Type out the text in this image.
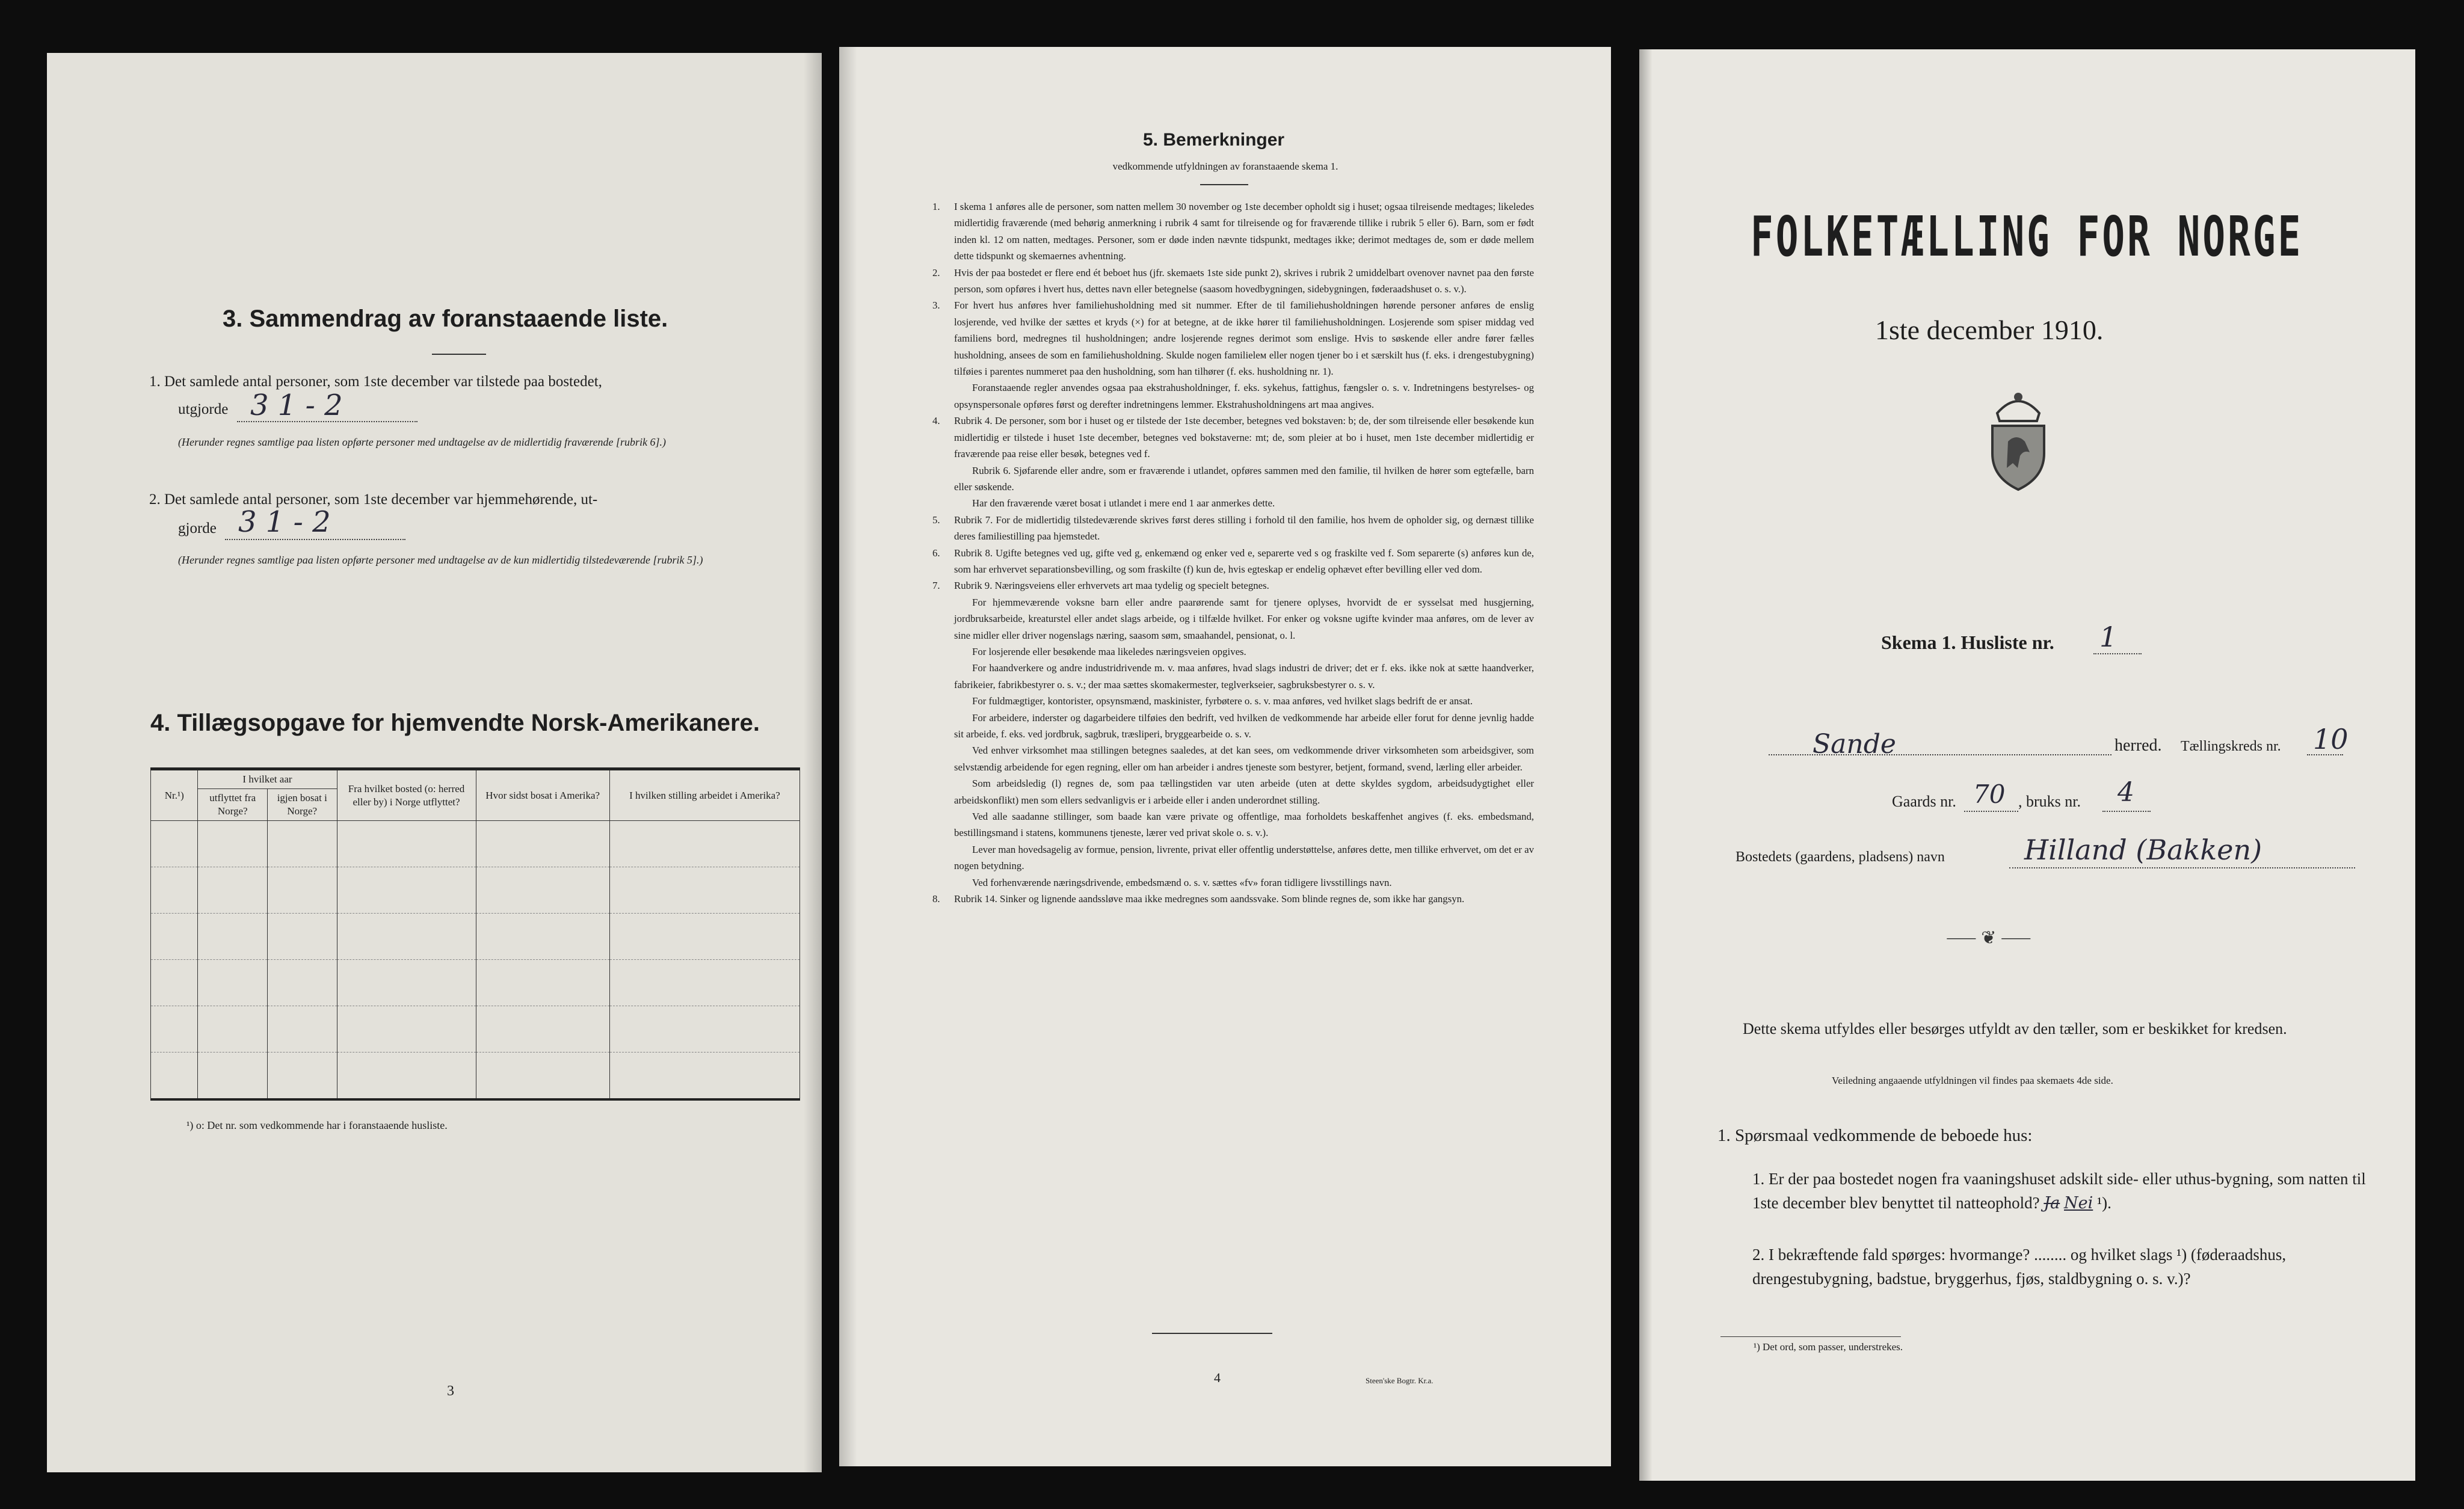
3. Sammendrag av foranstaaende liste.
1. Det samlede antal personer, som 1ste december var tilstede paa bostedet,
utgjorde 3 1 - 2
(Herunder regnes samtlige paa listen opførte personer med undtagelse av de midlertidig fraværende [rubrik 6].)
2. Det samlede antal personer, som 1ste december var hjemmehørende, ut-
gjorde 3 1 - 2
(Herunder regnes samtlige paa listen opførte personer med undtagelse av de kun midlertidig tilstedeværende [rubrik 5].)
4. Tillægsopgave for hjemvendte Norsk-Amerikanere.
Nr.¹)	I hvilket aar		Fra hvilket bosted (o: herred eller by) i Norge utflyttet?	Hvor sidst bosat i Amerika?	I hvilken stilling arbeidet i Amerika?
	utflyttet fra Norge?	igjen bosat i Norge?			

¹) o: Det nr. som vedkommende har i foranstaaende husliste.
3
5. Bemerkninger
vedkommende utfyldningen av foranstaaende skema 1.
1.	I skema 1 anføres alle de personer, som natten mellem 30 november og 1ste december opholdt sig i huset; ogsaa tilreisende medtages; likeledes midlertidig fraværende (med behørig anmerkning i rubrik 4 samt for tilreisende og for fraværende tillike i rubrik 5 eller 6). Barn, som er født inden kl. 12 om natten, medtages. Personer, som er døde inden nævnte tidspunkt, medtages ikke; derimot medtages de, som er døde mellem dette tidspunkt og skemaernes avhentning.

2.	Hvis der paa bostedet er flere end ét beboet hus (jfr. skemaets 1ste side punkt 2), skrives i rubrik 2 umiddelbart ovenover navnet paa den første person, som opføres i hvert hus, dettes navn eller betegnelse (saasom hovedbygningen, sidebygningen, føderaadshuset o. s. v.).

3.	For hvert hus anføres hver familiehusholdning med sit nummer. Efter de til familiehusholdningen hørende personer anføres de enslig losjerende, ved hvilke der sættes et kryds (×) for at betegne, at de ikke hører til familiehusholdningen. Losjerende som spiser middag ved familiens bord, medregnes til husholdningen; andre losjerende regnes derimot som enslige. Hvis to søskende eller andre fører fælles husholdning, ansees de som en familiehusholdning. Skulde nogen familieleм eller nogen tjener bo i et særskilt hus (f. eks. i drengestubygning) tilføies i parentes nummeret paa den husholdning, som han tilhører (f. eks. husholdning nr. 1).

Foranstaaende regler anvendes ogsaa paa ekstrahusholdninger, f. eks. sykehus, fattighus, fængsler o. s. v. Indretningens bestyrelses- og opsynspersonale opføres først og derefter indretningens lemmer. Ekstrahusholdningens art maa angives.

4.	Rubrik 4. De personer, som bor i huset og er tilstede der 1ste december, betegnes ved bokstaven: b; de, der som tilreisende eller besøkende kun midlertidig er tilstede i huset 1ste december, betegnes ved bokstaverne: mt; de, som pleier at bo i huset, men 1ste december midlertidig er fraværende paa reise eller besøk, betegnes ved f.

Rubrik 6. Sjøfarende eller andre, som er fraværende i utlandet, opføres sammen med den familie, til hvilken de hører som egtefælle, barn eller søskende.

Har den fraværende været bosat i utlandet i mere end 1 aar anmerkes dette.

5.	Rubrik 7. For de midlertidig tilstedeværende skrives først deres stilling i forhold til den familie, hos hvem de opholder sig, og dernæst tillike deres familiestilling paa hjemstedet.

6.	Rubrik 8. Ugifte betegnes ved ug, gifte ved g, enkemænd og enker ved e, separerte ved s og fraskilte ved f. Som separerte (s) anføres kun de, som har erhvervet separationsbevilling, og som fraskilte (f) kun de, hvis egteskap er endelig ophævet efter bevilling eller ved dom.

7.	Rubrik 9. Næringsveiens eller erhvervets art maa tydelig og specielt betegnes.

For hjemmeværende voksne barn eller andre paarørende samt for tjenere oplyses, hvorvidt de er sysselsat med husgjerning, jordbruksarbeide, kreaturstel eller andet slags arbeide, og i tilfælde hvilket. For enker og voksne ugifte kvinder maa anføres, om de lever av sine midler eller driver nogenslags næring, saasom søm, smaahandel, pensionat, o. l.

For losjerende eller besøkende maa likeledes næringsveien opgives.

For haandverkere og andre industridrivende m. v. maa anføres, hvad slags industri de driver; det er f. eks. ikke nok at sætte haandverker, fabrikeier, fabrikbestyrer o. s. v.; der maa sættes skomakermester, teglverkseier, sagbruksbestyrer o. s. v.

For fuldmægtiger, kontorister, opsynsmænd, maskinister, fyrbøtere o. s. v. maa anføres, ved hvilket slags bedrift de er ansat.

For arbeidere, inderster og dagarbeidere tilføies den bedrift, ved hvilken de vedkommende har arbeide eller forut for denne jevnlig hadde sit arbeide, f. eks. ved jordbruk, sagbruk, træsliperi, bryggearbeide o. s. v.

Ved enhver virksomhet maa stillingen betegnes saaledes, at det kan sees, om vedkommende driver virksomheten som arbeidsgiver, som selvstændig arbeidende for egen regning, eller om han arbeider i andres tjeneste som bestyrer, betjent, formand, svend, lærling eller arbeider.

Som arbeidsledig (l) regnes de, som paa tællingstiden var uten arbeide (uten at dette skyldes sygdom, arbeidsudygtighet eller arbeidskonflikt) men som ellers sedvanligvis er i arbeide eller i anden underordnet stilling.

Ved alle saadanne stillinger, som baade kan være private og offentlige, maa forholdets beskaffenhet angives (f. eks. embedsmand, bestillingsmand i statens, kommunens tjeneste, lærer ved privat skole o. s. v.).

Lever man hovedsagelig av formue, pension, livrente, privat eller offentlig understøttelse, anføres dette, men tillike erhvervet, om det er av nogen betydning.

Ved forhenværende næringsdrivende, embedsmænd o. s. v. sættes «fv» foran tidligere livsstillings navn.

8.	Rubrik 14. Sinker og lignende aandssløve maa ikke medregnes som aandssvake. Som blinde regnes de, som ikke har gangsyn.

4	Steen'ske Bogtr. Kr.a.
FOLKETÆLLING FOR NORGE
1ste december 1910.
Skema 1. Husliste nr. 1
Sande	herred. Tællingskreds nr. 10
Gaards nr. 70 , bruks nr. 4
Bostedets (gaardens, pladsens) navn	Hilland (Bakken)
⸺ ❦ ⸺
Dette skema utfyldes eller besørges utfyldt av den tæller, som er beskikket for kredsen.
Veiledning angaaende utfyldningen vil findes paa skemaets 4de side.
1. Spørsmaal vedkommende de beboede hus:
1. Er der paa bostedet nogen fra vaaningshuset adskilt side- eller uthus-bygning, som natten til 1ste december blev benyttet til natteophold? Ja Nei ¹).
2. I bekræftende fald spørges: hvormange? ........ og hvilket slags ¹) (føderaadshus, drengestubygning, badstue, bryggerhus, fjøs, staldbygning o. s. v.)?
¹) Det ord, som passer, understrekes.
